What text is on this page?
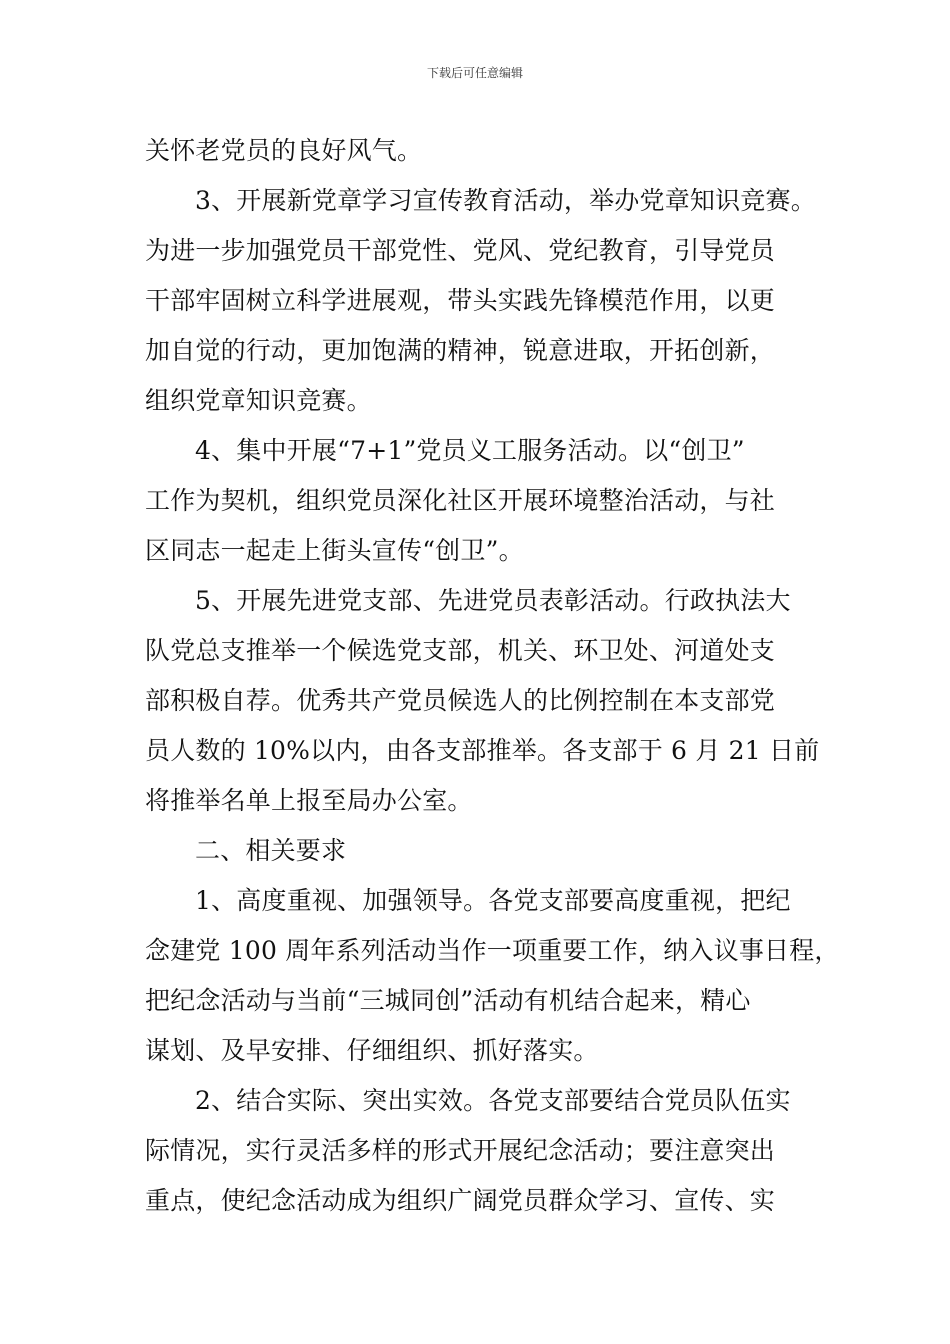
下载后可任意编辑
关怀老党员的良好风气。
3、开展新党章学习宣传教育活动，举办党章知识竞赛。
为进一步加强党员干部党性、党风、党纪教育，引导党员
干部牢固树立科学进展观，带头实践先锋模范作用，以更
加自觉的行动，更加饱满的精神，锐意进取，开拓创新，
组织党章知识竞赛。
4、集中开展“7+1”党员义工服务活动。以“创卫”
工作为契机，组织党员深化社区开展环境整治活动，与社
区同志一起走上街头宣传“创卫”。
5、开展先进党支部、先进党员表彰活动。行政执法大
队党总支推举一个候选党支部，机关、环卫处、河道处支
部积极自荐。优秀共产党员候选人的比例控制在本支部党
员人数的 10%以内，由各支部推举。各支部于 6 月 21 日前
将推举名单上报至局办公室。
二、相关要求
1、高度重视、加强领导。各党支部要高度重视，把纪
念建党 100 周年系列活动当作一项重要工作，纳入议事日程，
把纪念活动与当前“三城同创”活动有机结合起来，精心
谋划、及早安排、仔细组织、抓好落实。
2、结合实际、突出实效。各党支部要结合党员队伍实
际情况，实行灵活多样的形式开展纪念活动；要注意突出
重点，使纪念活动成为组织广阔党员群众学习、宣传、实
